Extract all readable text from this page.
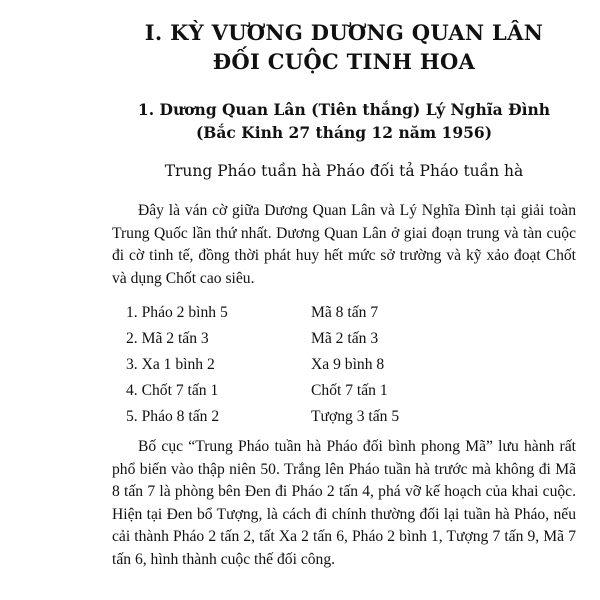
I. KỲ VƯƠNG DƯƠNG QUAN LÂN
ĐỐI CUỘC TINH HOA
1. Dương Quan Lân (Tiên thắng) Lý Nghĩa Đình
(Bắc Kinh 27 tháng 12 năm 1956)
Trung Pháo tuần hà Pháo đối tả Pháo tuần hà

Đây là ván cờ giữa Dương Quan Lân và Lý Nghĩa Đình tại giải toàn Trung Quốc lần thứ nhất. Dương Quan Lân ở giai đoạn trung và tàn cuộc đi cờ tinh tế, đồng thời phát huy hết mức sở trường và kỹ xảo đoạt Chốt và dụng Chốt cao siêu.

1. Pháo 2 bình 5	Mã 8 tấn 7
2. Mã 2 tấn 3	Mã 2 tấn 3
3. Xa 1 bình 2	Xa 9 bình 8
4. Chốt 7 tấn 1	Chốt 7 tấn 1
5. Pháo 8 tấn 2	Tượng 3 tấn 5

Bố cục “Trung Pháo tuần hà Pháo đối bình phong Mã” lưu hành rất phổ biến vào thập niên 50. Trắng lên Pháo tuần hà trước mà không đi Mã 8 tấn 7 là phòng bên Đen đi Pháo 2 tấn 4, phá vỡ kế hoạch của khai cuộc. Hiện tại Đen bổ Tượng, là cách đi chính thường đối lại tuần hà Pháo, nếu cải thành Pháo 2 tấn 2, tất Xa 2 tấn 6, Pháo 2 bình 1, Tượng 7 tấn 9, Mã 7 tấn 6, hình thành cuộc thế đối công.
